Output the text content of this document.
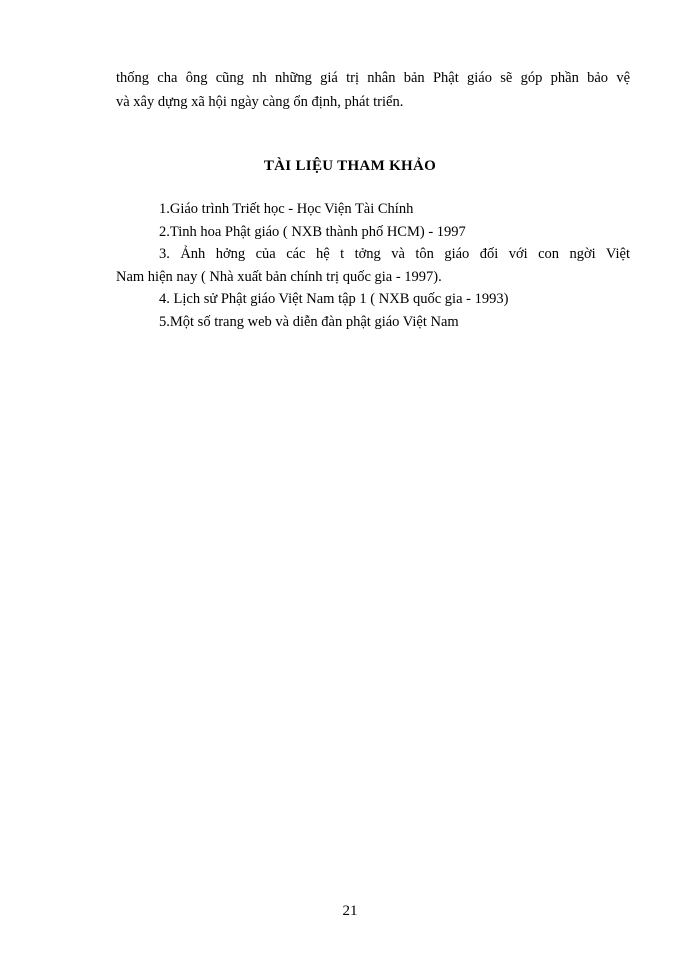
thống cha ông cũng nh những giá trị nhân bản Phật giáo sẽ góp phần bảo vệ
và xây dựng xã hội ngày càng ổn định, phát triển.
TÀI LIỆU THAM KHẢO
1.Giáo trình Triết học - Học Viện Tài Chính
2.Tinh hoa Phật giáo ( NXB thành phố HCM) - 1997
3. Ảnh hởng của các hệ t tởng và tôn giáo đối với con ngời Việt
Nam hiện nay ( Nhà xuất bản chính trị quốc gia - 1997).
4. Lịch sử Phật giáo Việt Nam tập 1 ( NXB quốc gia - 1993)
5.Một số trang web và diễn đàn phật giáo Việt Nam
21
